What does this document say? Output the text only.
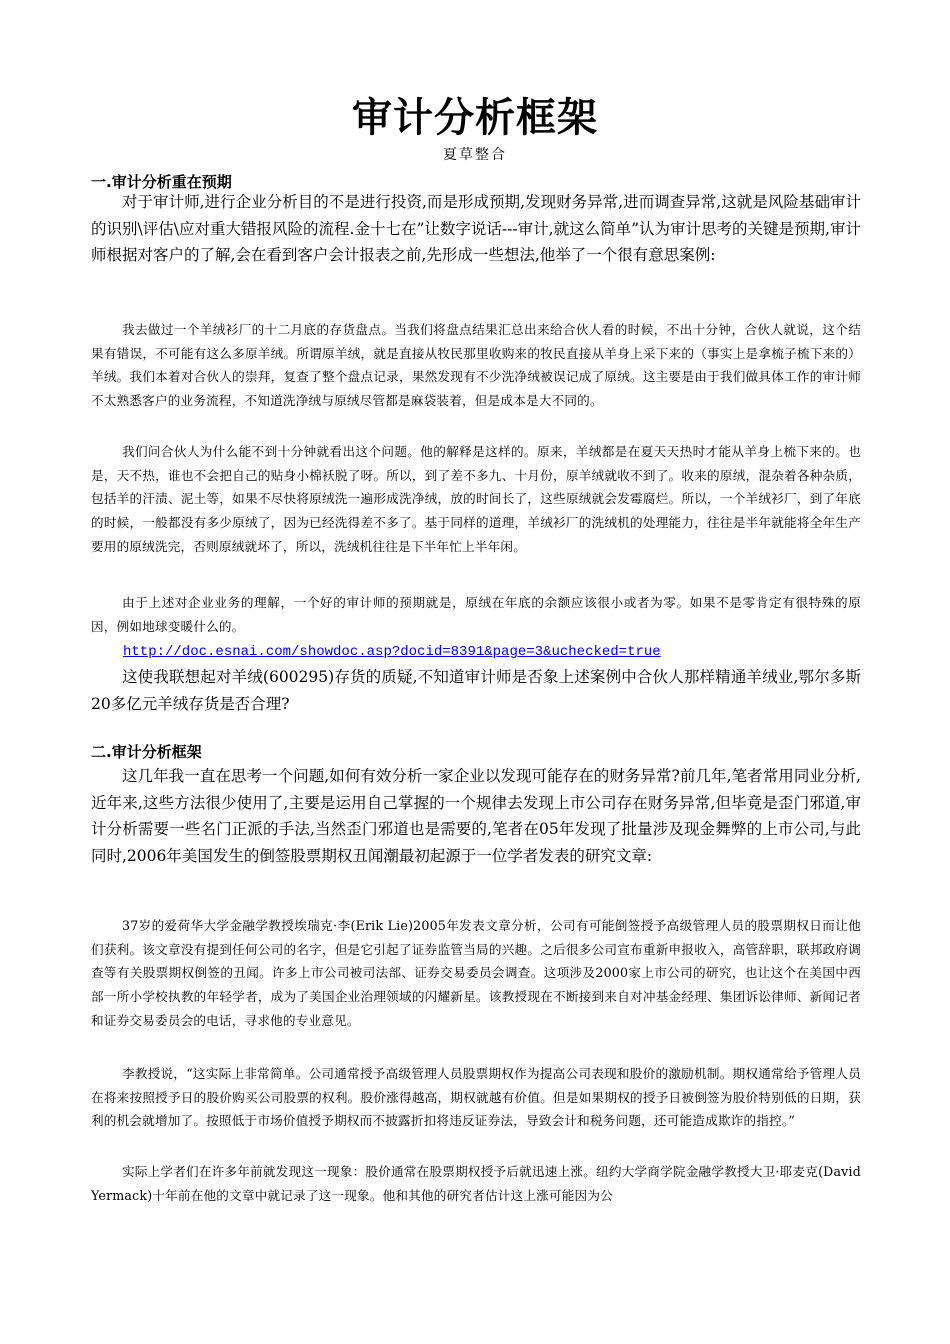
审计分析框架
夏草整合
一.审计分析重在预期

对于审计师,进行企业分析目的不是进行投资,而是形成预期,发现财务异常,进而调查异常,这就是风险基础审计的识别\评估\应对重大错报风险的流程.金十七在”让数字说话---审计,就这么简单”认为审计思考的关键是预期,审计师根据对客户的了解,会在看到客户会计报表之前,先形成一些想法,他举了一个很有意思案例:

我去做过一个羊绒衫厂的十二月底的存货盘点。当我们将盘点结果汇总出来给合伙人看的时候，不出十分钟，合伙人就说，这个结果有错误，不可能有这么多原羊绒。所谓原羊绒，就是直接从牧民那里收购来的牧民直接从羊身上采下来的（事实上是拿梳子梳下来的）羊绒。我们本着对合伙人的崇拜，复查了整个盘点记录，果然发现有不少洗净绒被误记成了原绒。这主要是由于我们做具体工作的审计师不太熟悉客户的业务流程，不知道洗净绒与原绒尽管都是麻袋装着，但是成本是大不同的。

我们问合伙人为什么能不到十分钟就看出这个问题。他的解释是这样的。原来，羊绒都是在夏天天热时才能从羊身上梳下来的。也是，天不热，谁也不会把自己的贴身小棉袄脱了呀。所以，到了差不多九、十月份，原羊绒就收不到了。收来的原绒，混杂着各种杂质，包括羊的汗渍、泥土等，如果不尽快将原绒洗一遍形成洗净绒，放的时间长了，这些原绒就会发霉腐烂。所以，一个羊绒衫厂，到了年底的时候，一般都没有多少原绒了，因为已经洗得差不多了。基于同样的道理，羊绒衫厂的洗绒机的处理能力，往往是半年就能将全年生产要用的原绒洗完，否则原绒就坏了，所以，洗绒机往往是下半年忙上半年闲。

由于上述对企业业务的理解，一个好的审计师的预期就是，原绒在年底的余额应该很小或者为零。如果不是零肯定有很特殊的原因，例如地球变暖什么的。

http://doc.esnai.com/showdoc.asp?docid=8391&page=3&uchecked=true

这使我联想起对羊绒(600295)存货的质疑,不知道审计师是否象上述案例中合伙人那样精通羊绒业,鄂尔多斯20多亿元羊绒存货是否合理?

二.审计分析框架

这几年我一直在思考一个问题,如何有效分析一家企业以发现可能存在的财务异常?前几年,笔者常用同业分析,近年来,这些方法很少使用了,主要是运用自己掌握的一个规律去发现上市公司存在财务异常,但毕竟是歪门邪道,审计分析需要一些名门正派的手法,当然歪门邪道也是需要的,笔者在05年发现了批量涉及现金舞弊的上市公司,与此同时,2006年美国发生的倒签股票期权丑闻潮最初起源于一位学者发表的研究文章:

37岁的爱荷华大学金融学教授埃瑞克·李(Erik Lie)2005年发表文章分析，公司有可能倒签授予高级管理人员的股票期权日而让他们获利。该文章没有提到任何公司的名字，但是它引起了证券监管当局的兴趣。之后很多公司宣布重新申报收入，高管辞职，联邦政府调查等有关股票期权倒签的丑闻。许多上市公司被司法部、证券交易委员会调查。这项涉及2000家上市公司的研究，也让这个在美国中西部一所小学校执教的年轻学者，成为了美国企业治理领域的闪耀新星。该教授现在不断接到来自对冲基金经理、集团诉讼律师、新闻记者和证券交易委员会的电话，寻求他的专业意见。

李教授说，“这实际上非常简单。公司通常授予高级管理人员股票期权作为提高公司表现和股价的激励机制。期权通常给予管理人员在将来按照授予日的股价购买公司股票的权利。股价涨得越高，期权就越有价值。但是如果期权的授予日被倒签为股价特别低的日期，获利的机会就增加了。按照低于市场价值授予期权而不披露折扣将违反证券法，导致会计和税务问题，还可能造成欺诈的指控。”

实际上学者们在许多年前就发现这一现象：股价通常在股票期权授予后就迅速上涨。纽约大学商学院金融学教授大卫·耶麦克(David Yermack)十年前在他的文章中就记录了这一现象。他和其他的研究者估计这上涨可能因为公
